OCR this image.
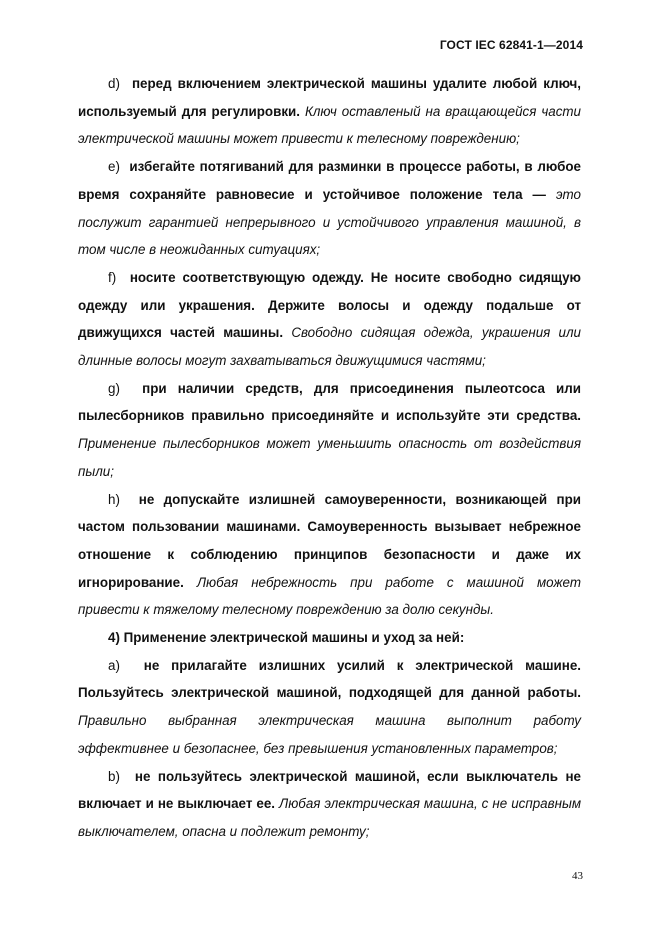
ГОСТ IEC 62841-1—2014

d) перед включением электрической машины удалите любой ключ, используемый для регулировки. Ключ оставленый на вращающейся части электрической машины может привести к телесному повреждению;

e) избегайте потягиваний для разминки в процессе работы, в любое время сохраняйте равновесие и устойчивое положение тела — это послужит гарантией непрерывного и устойчивого управления машиной, в том числе в неожиданных ситуациях;

f) носите соответствующую одежду. Не носите свободно сидящую одежду или украшения. Держите волосы и одежду подальше от движущихся частей машины. Свободно сидящая одежда, украшения или длинные волосы могут захватываться движущимися частями;

g) при наличии средств, для присоединения пылеотсоса или пылесборников правильно присоединяйте и используйте эти средства. Применение пылесборников может уменьшить опасность от воздействия пыли;

h) не допускайте излишней самоуверенности, возникающей при частом пользовании машинами. Самоуверенность вызывает небрежное отношение к соблюдению принципов безопасности и даже их игнорирование. Любая небрежность при работе с машиной может привести к тяжелому телесному повреждению за долю секунды.

4) Применение электрической машины и уход за ней:

a) не прилагайте излишних усилий к электрической машине. Пользуйтесь электрической машиной, подходящей для данной работы. Правильно выбранная электрическая машина выполнит работу эффективнее и безопаснее, без превышения установленных параметров;

b) не пользуйтесь электрической машиной, если выключатель не включает и не выключает ее. Любая электрическая машина, с не исправным выключателем, опасна и подлежит ремонту;

43
